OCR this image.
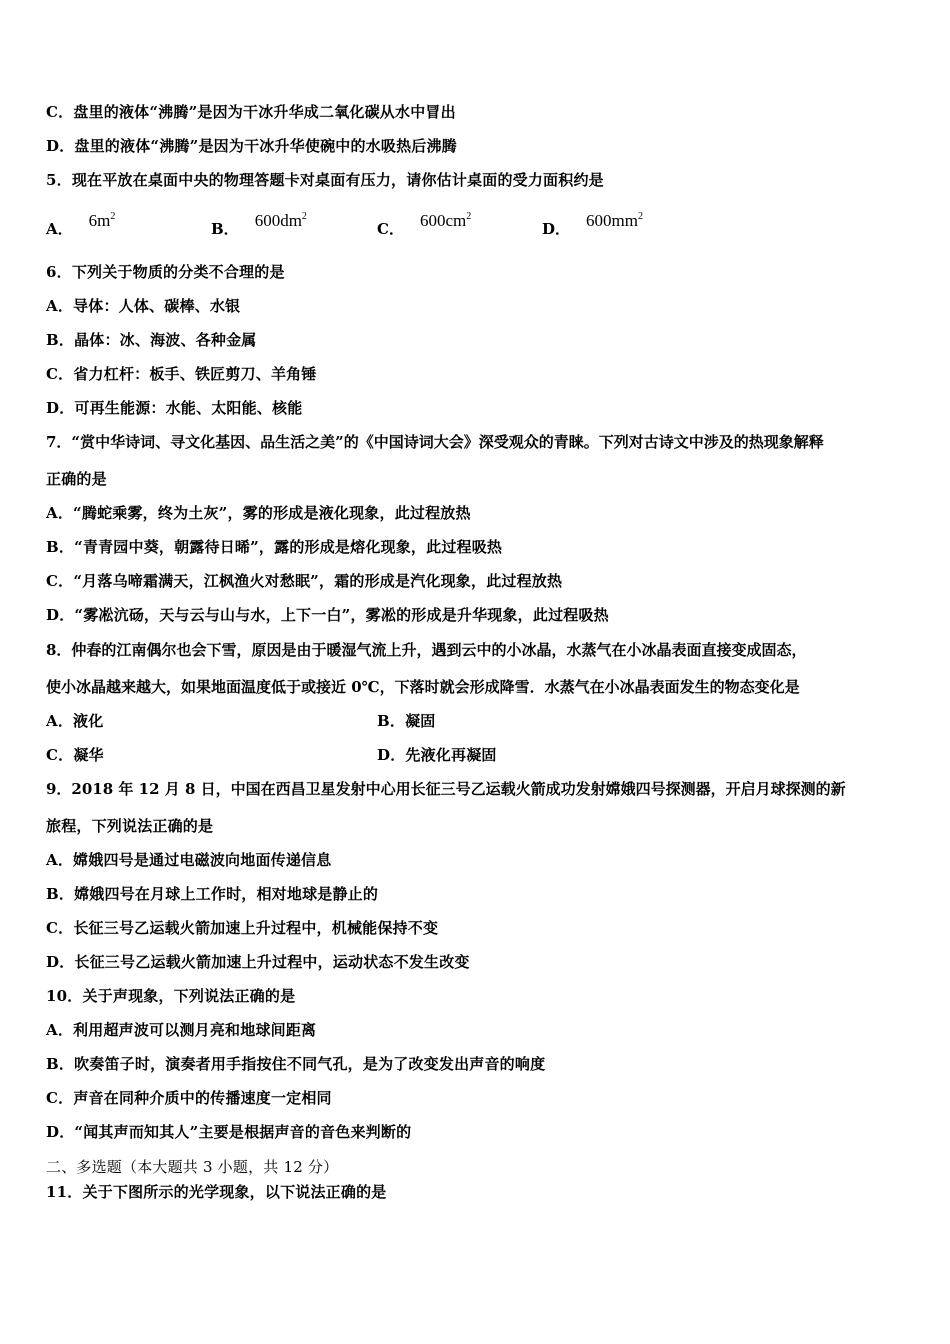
C．盘里的液体“沸腾”是因为干冰升华成二氧化碳从水中冒出
D．盘里的液体“沸腾”是因为干冰升华使碗中的水吸热后沸腾
5．现在平放在桌面中央的物理答题卡对桌面有压力，请你估计桌面的受力面积约是
A． $6m^2$
B． $600dm^2$
C． $600cm^2$
D． $600mm^2$
6．下列关于物质的分类不合理的是
A．导体：人体、碳棒、水银
B．晶体：冰、海波、各种金属
C．省力杠杆：板手、铁匠剪刀、羊角锤
D．可再生能源：水能、太阳能、核能
7．“赏中华诗词、寻文化基因、品生活之美”的《中国诗词大会》深受观众的青睐。下列对古诗文中涉及的热现象解释
正确的是
A．“腾蛇乘雾，终为土灰”，雾的形成是液化现象，此过程放热
B．“青青园中葵，朝露待日晞”，露的形成是熔化现象，此过程吸热
C．“月落乌啼霜满天，江枫渔火对愁眠”，霜的形成是汽化现象，此过程放热
D．“雾凇沆砀，天与云与山与水，上下一白”，雾凇的形成是升华现象，此过程吸热
8．仲春的江南偶尔也会下雪，原因是由于暖湿气流上升，遇到云中的小冰晶，水蒸气在小冰晶表面直接变成固态，
使小冰晶越来越大，如果地面温度低于或接近 0℃，下落时就会形成降雪．水蒸气在小冰晶表面发生的物态变化是
A．液化	B．凝固
C．凝华	D．先液化再凝固
9．2018 年 12 月 8 日，中国在西昌卫星发射中心用长征三号乙运载火箭成功发射嫦娥四号探测器，开启月球探测的新
旅程，下列说法正确的是
A．嫦娥四号是通过电磁波向地面传递信息
B．嫦娥四号在月球上工作时，相对地球是静止的
C．长征三号乙运载火箭加速上升过程中，机械能保持不变
D．长征三号乙运载火箭加速上升过程中，运动状态不发生改变
10．关于声现象，下列说法正确的是
A．利用超声波可以测月亮和地球间距离
B．吹奏笛子时，演奏者用手指按住不同气孔，是为了改变发出声音的响度
C．声音在同种介质中的传播速度一定相同
D．“闻其声而知其人”主要是根据声音的音色来判断的
二、多选题（本大题共 3 小题，共 12 分）
11．关于下图所示的光学现象，以下说法正确的是
